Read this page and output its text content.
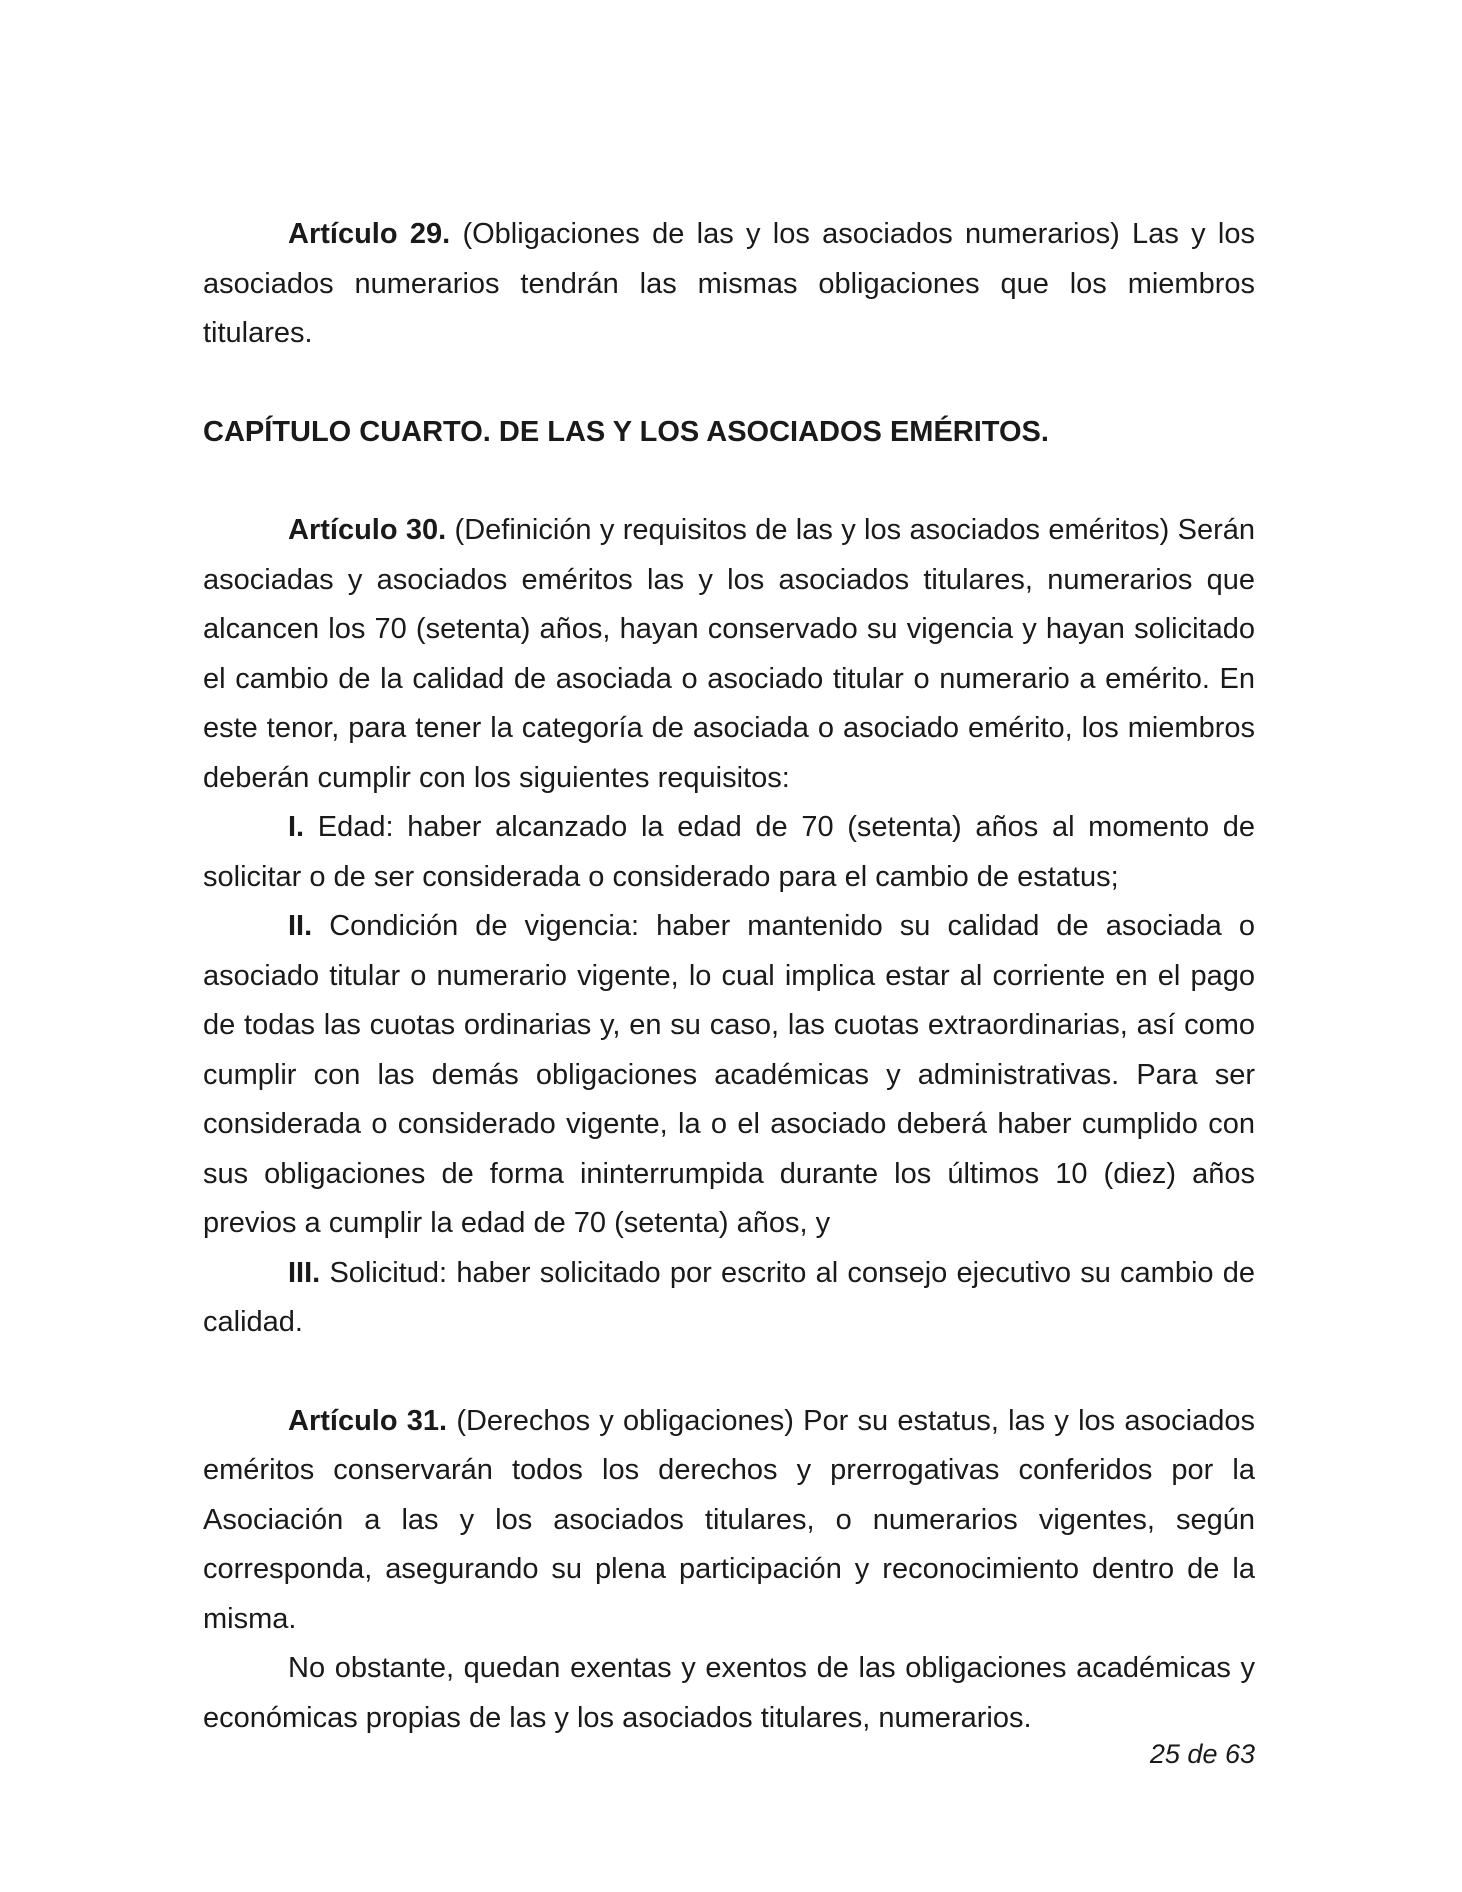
Artículo 29. (Obligaciones de las y los asociados numerarios) Las y los asociados numerarios tendrán las mismas obligaciones que los miembros titulares.

CAPÍTULO CUARTO. DE LAS Y LOS ASOCIADOS EMÉRITOS.

Artículo 30. (Definición y requisitos de las y los asociados eméritos) Serán asociadas y asociados eméritos las y los asociados titulares, numerarios que alcancen los 70 (setenta) años, hayan conservado su vigencia y hayan solicitado el cambio de la calidad de asociada o asociado titular o numerario a emérito. En este tenor, para tener la categoría de asociada o asociado emérito, los miembros deberán cumplir con los siguientes requisitos:

I. Edad: haber alcanzado la edad de 70 (setenta) años al momento de solicitar o de ser considerada o considerado para el cambio de estatus;

II. Condición de vigencia: haber mantenido su calidad de asociada o asociado titular o numerario vigente, lo cual implica estar al corriente en el pago de todas las cuotas ordinarias y, en su caso, las cuotas extraordinarias, así como cumplir con las demás obligaciones académicas y administrativas. Para ser considerada o considerado vigente, la o el asociado deberá haber cumplido con sus obligaciones de forma ininterrumpida durante los últimos 10 (diez) años previos a cumplir la edad de 70 (setenta) años, y

III. Solicitud: haber solicitado por escrito al consejo ejecutivo su cambio de calidad.

Artículo 31. (Derechos y obligaciones) Por su estatus, las y los asociados eméritos conservarán todos los derechos y prerrogativas conferidos por la Asociación a las y los asociados titulares, o numerarios vigentes, según corresponda, asegurando su plena participación y reconocimiento dentro de la misma.

No obstante, quedan exentas y exentos de las obligaciones académicas y económicas propias de las y los asociados titulares, numerarios.

25 de 63
